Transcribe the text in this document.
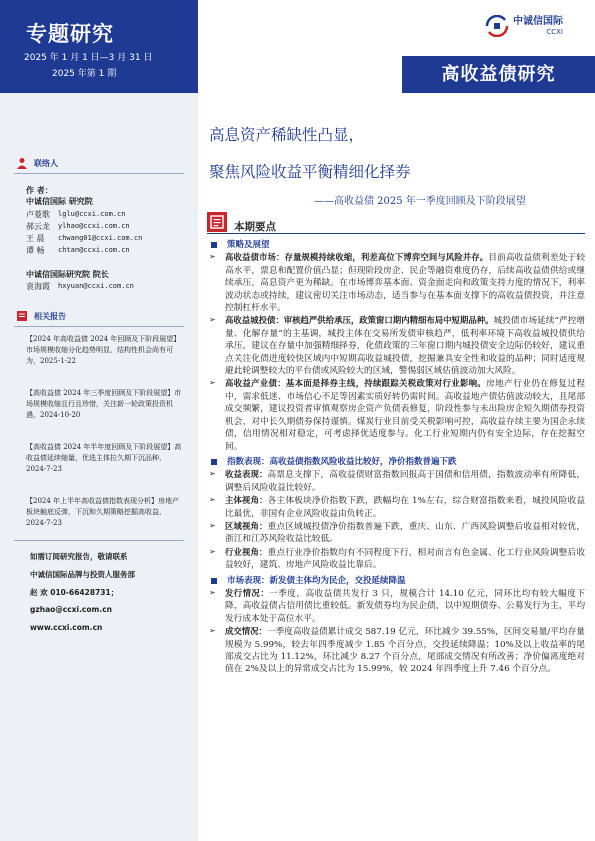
专题研究
2025 年 1 月 1 日—3 月 31 日
2025 年第 1 期
中诚信国际
CCXI
高收益债研究
联络人
作 者：
中诚信国际 研究院
卢菱歌	lglu@ccxi.com.cn
郝云龙	ylhao@ccxi.com.cn
王 晨	chwang01@ccxi.com.cn
谭 畅	chtan@ccxi.com.cn
中诚信国际研究院 院长
袁海霞	hxyuan@ccxi.com.cn
相关报告
【2024 年高收益债 2024 年回顾及下阶段展望】市场规模收缩分化趋势明显，结构性机会尚有可为，2025-1-22
【高收益债 2024 年三季度回顾及下阶段展望】市场规模收缩且行且珍惜，关注新一轮政策投资机遇，2024-10-20
【高收益债 2024 年半年度回顾及下阶段展望】高收益债延续缩量，优选主体拉久期下沉品种，2024-7-23
【2024 年上半年高收益债指数表现分析】房地产板块触底反弹，下沉和久期策略挖掘高收益，2024-7-23
如需订阅研究报告，敬请联系
中诚信国际品牌与投资人服务部
赵 欢 010-66428731；
gzhao@ccxi.com.cn
www.ccxi.com.cn
高息资产稀缺性凸显，
聚焦风险收益平衡精细化择券
——高收益债 2025 年一季度回顾及下阶段展望
本期要点
策略及展望
➢	高收益债市场：存量规模持续收缩，利差高位下博弈空间与风险并存。目前高收益债利差处于较高水平，票息和配置价值凸显；但现阶段房企、民企等融资难度仍存，后续高收益债供给或继续承压，高息资产更为稀缺。在市场博弈基本面、资金面走向和政策支持力度的情况下，利率波动状态或持续，建议密切关注市场动态，适当参与在基本面支撑下的高收益债投资，并注意控制杠杆水平。
➢	高收益城投债：审核趋严供给承压，政策窗口期内精细布局中短期品种。城投债市场延续“严控增量、化解存量”的主基调，城投主体在交易所发债审核趋严，低利率环境下高收益城投债供给承压，建议在存量中加强精细择券，化债政策的三年窗口期内城投债安全边际仍较好，建议重点关注化债进度较快区域内中短期高收益城投债，挖掘兼具安全性和收益的品种；同时适度规避此轮调整较大的平台债或风险较大的区域，警惕弱区域估值波动加大风险。
➢	高收益产业债：基本面是择券主线，持续跟踪关税政策对行业影响。房地产行业仍在修复过程中，需求低迷、市场信心不足等因素实质好转仍需时间。高收益地产债估值波动较大，且尾部成交频繁，建议投资者审慎观察房企资产负债表修复，阶段性参与未出险房企短久期债券投资机会，对中长久期债券保持谨慎。煤炭行业目前受关税影响可控，高收益存续主要为国企永续债，信用情况相对稳定，可考虑择优适度参与。化工行业短期内仍有安全边际，存在挖掘空间。
指数表现：高收益债指数风险收益比较好，净价指数普遍下跌
➢	收益表现：高票息支撑下，高收益债财富指数回报高于国债和信用债，指数波动率有所降低，调整后风险收益比较好。
➢	主体视角：各主体板块净价指数下跌，跌幅均在 1%左右，综合财富指数来看，城投风险收益比最优，非国有企业风险收益由负转正。
➢	区域视角：重点区域城投债净价指数普遍下跌，重庆、山东、广西风险调整后收益相对较优，浙江和江苏风险收益比较低。
➢	行业视角：重点行业净价指数均有不同程度下行，相对而言有色金属、化工行业风险调整后收益较好，建筑、房地产风险收益比靠后。
市场表现：新发债主体均为民企，交投延续降温
➢	发行情况：一季度，高收益债共发行 3 只，规模合计 14.10 亿元，同环比均有较大幅度下降，高收益债占信用债比重较低。新发债券均为民企债，以中短期债券、公募发行为主，平均发行成本处于高位水平。
➢	成交情况：一季度高收益债累计成交 587.19 亿元，环比减少 39.55%，区间交易量/平均存量规模为 5.99%，较去年四季度减少 1.85 个百分点，交投延续降温；10%及以上收益率的尾部成交占比为 11.12%，环比减少 8.27 个百分点，尾部成交情况有所改善；净价偏离度绝对值在 2%及以上的异常成交占比为 15.99%，较 2024 年四季度上升 7.46 个百分点。
